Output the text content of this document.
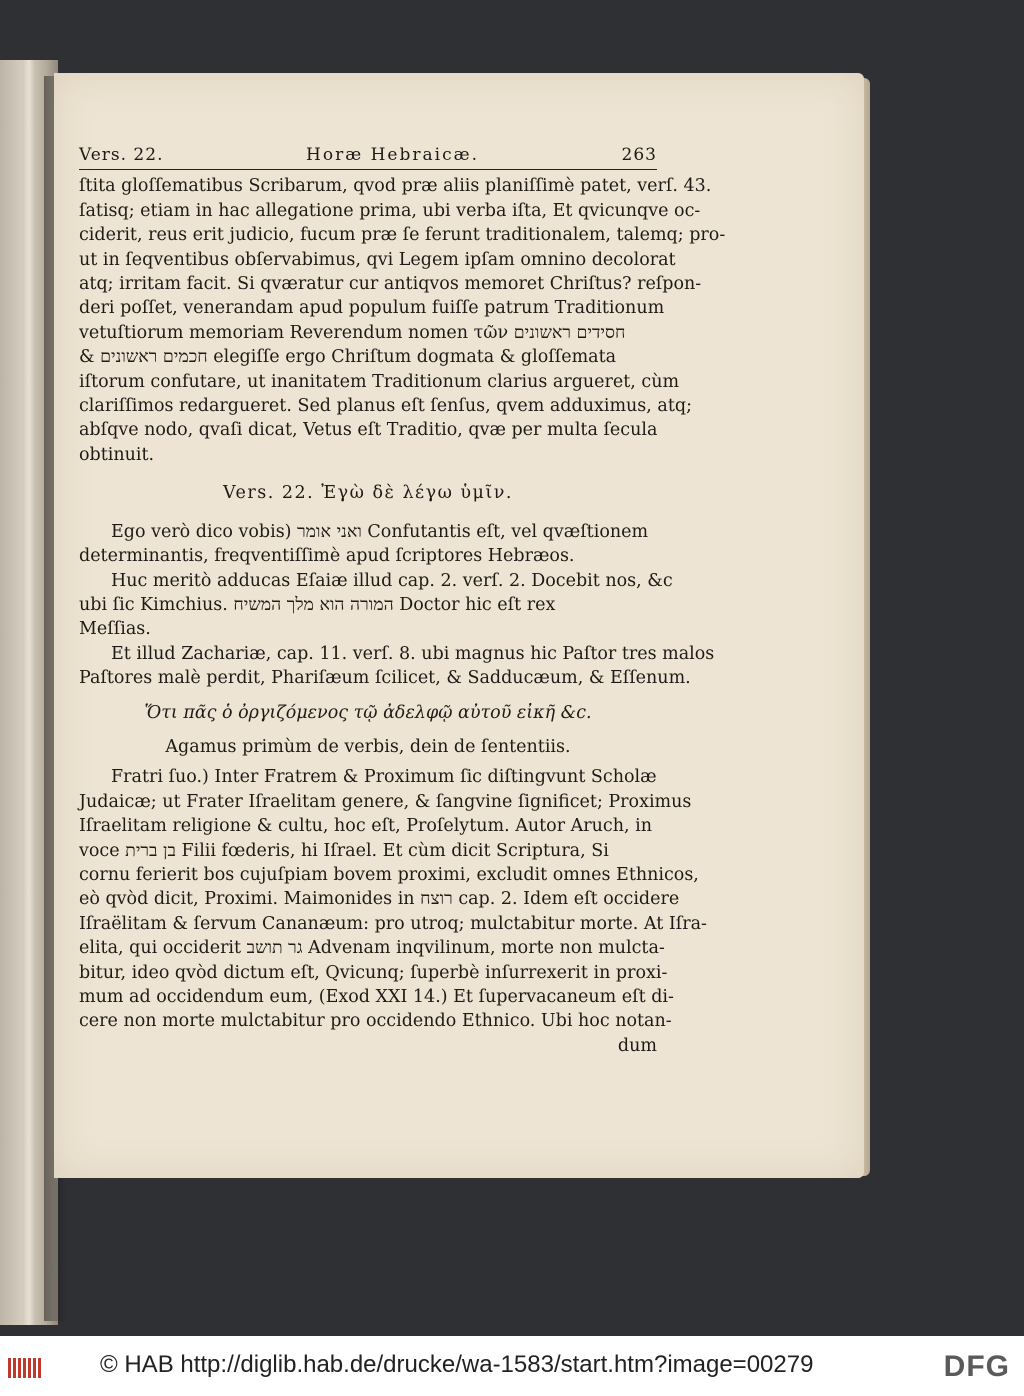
Vers. 22.	Horæ Hebraicæ.	263
ſtita gloſſematibus Scribarum, qvod præ aliis planiſſimè patet, verſ. 43.
ſatisq; etiam in hac allegatione prima, ubi verba iſta, Et qvicunqve oc-
ciderit, reus erit judicio, fucum præ ſe ferunt traditionalem, talemq; pro-
ut in ſeqventibus obſervabimus, qvi Legem ipſam omnino decolorat
atq; irritam facit. Si qværatur cur antiqvos memoret Chriſtus? reſpon-
deri poſſet, venerandam apud populum fuiſſe patrum Traditionum
vetuſtiorum memoriam Reverendum nomen τῶν חסידים ראשונים
& חכמים ראשונים elegiſſe ergo Chriſtum dogmata & gloſſemata
iſtorum confutare, ut inanitatem Traditionum clarius argueret, cùm
clariſſimos redargueret. Sed planus eſt ſenſus, qvem adduximus, atq;
abſqve nodo, qvaſi dicat, Vetus eſt Traditio, qvæ per multa ſecula
obtinuit.
Vers. 22. Ἐγὼ δὲ λέγω ὑμῖν.
Ego verò dico vobis) ואני אומר Confutantis eſt, vel qvæſtionem
determinantis, freqventiſſimè apud ſcriptores Hebræos.
Huc meritò adducas Eſaiæ illud cap. 2. verſ. 2. Docebit nos, &c
ubi ſic Kimchius. המורה הוא מלך המשיח Doctor hic eſt rex
Meſſias.
Et illud Zachariæ, cap. 11. verſ. 8. ubi magnus hic Paſtor tres malos
Paſtores malè perdit, Phariſæum ſcilicet, & Sadducæum, & Eſſenum.
Ὅτι πᾶς ὁ ὀργιζόμενος τῷ ἀδελφῷ αὐτοῦ εἰκῆ &c.
Agamus primùm de verbis, dein de ſententiis.
Fratri ſuo.) Inter Fratrem & Proximum ſic diſtingvunt Scholæ
Judaicæ; ut Frater Iſraelitam genere, & ſangvine ſignificet; Proximus
Iſraelitam religione & cultu, hoc eſt, Proſelytum. Autor Aruch, in
voce בן ברית Filii fœderis, hi Iſrael. Et cùm dicit Scriptura, Si
cornu ferierit bos cujuſpiam bovem proximi, excludit omnes Ethnicos,
eò qvòd dicit, Proximi. Maimonides in רוצח cap. 2. Idem eſt occidere
Iſraëlitam & ſervum Cananæum: pro utroq; mulctabitur morte. At Iſra-
elita, qui occiderit גר תושב Advenam inqvilinum, morte non mulcta-
bitur, ideo qvòd dictum eſt, Qvicunq; ſuperbè inſurrexerit in proxi-
mum ad occidendum eum, (Exod XXI 14.) Et ſupervacaneum eſt di-
cere non morte mulctabitur pro occidendo Ethnico. Ubi hoc notan-
dum
© HAB http://diglib.hab.de/drucke/wa-1583/start.htm?image=00279	DFG
